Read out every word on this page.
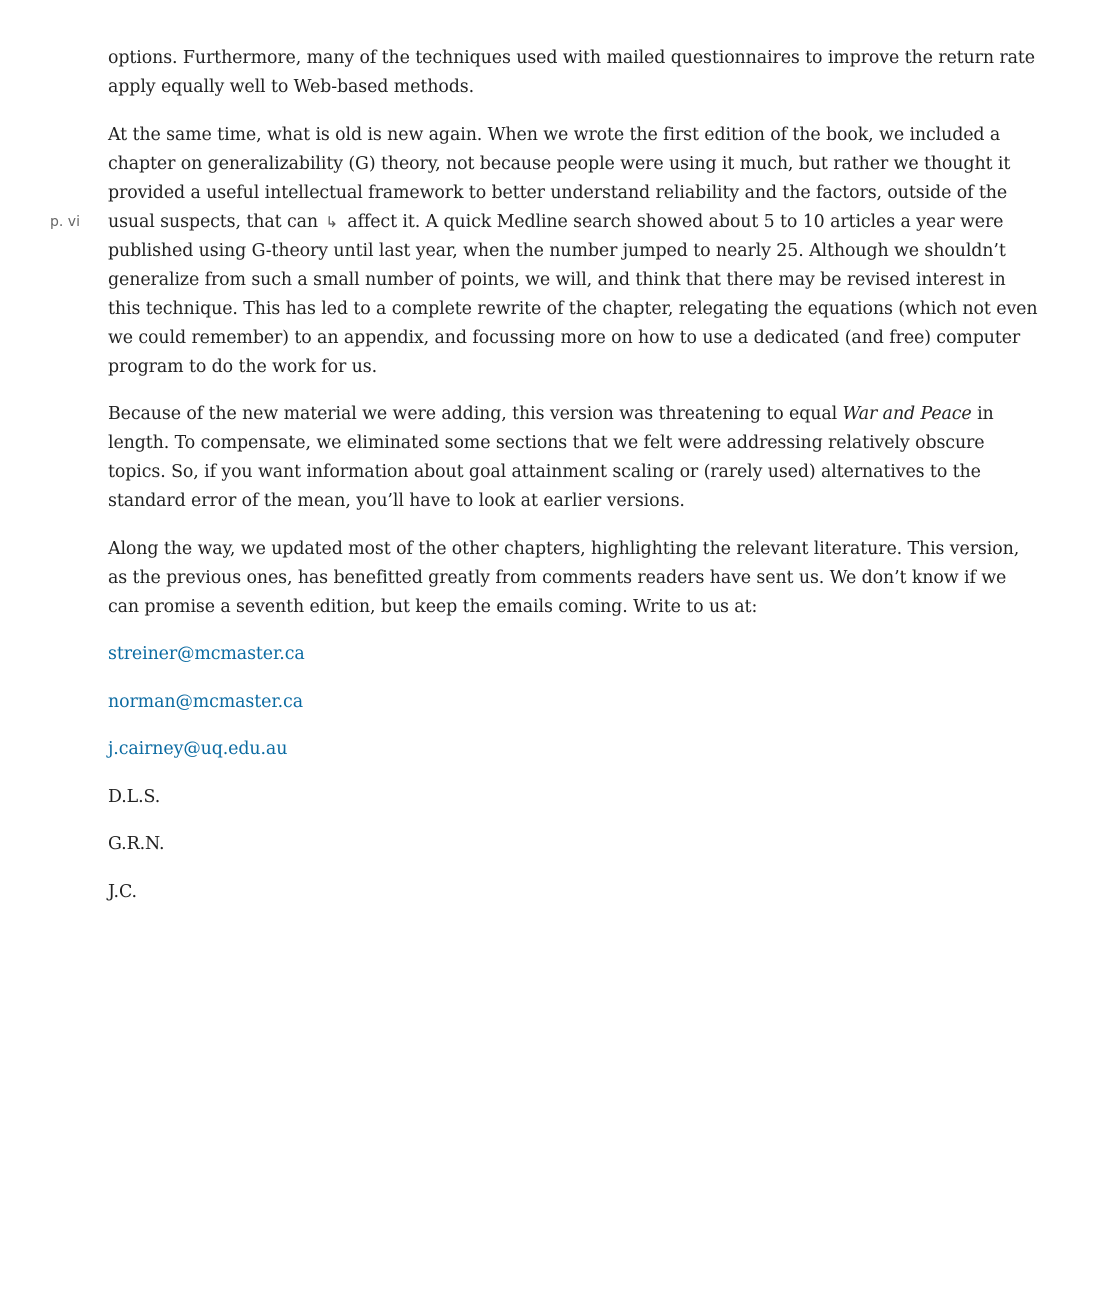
p. vi

options. Furthermore, many of the techniques used with mailed questionnaires to improve the return rate apply equally well to Web-based methods.

At the same time, what is old is new again. When we wrote the first edition of the book, we included a chapter on generalizability (G) theory, not because people were using it much, but rather we thought it provided a useful intellectual framework to better understand reliability and the factors, outside of the usual suspects, that can ↳ affect it. A quick Medline search showed about 5 to 10 articles a year were published using G-theory until last year, when the number jumped to nearly 25. Although we shouldn’t generalize from such a small number of points, we will, and think that there may be revised interest in this technique. This has led to a complete rewrite of the chapter, relegating the equations (which not even we could remember) to an appendix, and focussing more on how to use a dedicated (and free) computer program to do the work for us.

Because of the new material we were adding, this version was threatening to equal War and Peace in length. To compensate, we eliminated some sections that we felt were addressing relatively obscure topics. So, if you want information about goal attainment scaling or (rarely used) alternatives to the standard error of the mean, you’ll have to look at earlier versions.

Along the way, we updated most of the other chapters, highlighting the relevant literature. This version, as the previous ones, has benefitted greatly from comments readers have sent us. We don’t know if we can promise a seventh edition, but keep the emails coming. Write to us at:

streiner@mcmaster.ca

norman@mcmaster.ca

j.cairney@uq.edu.au

D.L.S.

G.R.N.

J.C.
